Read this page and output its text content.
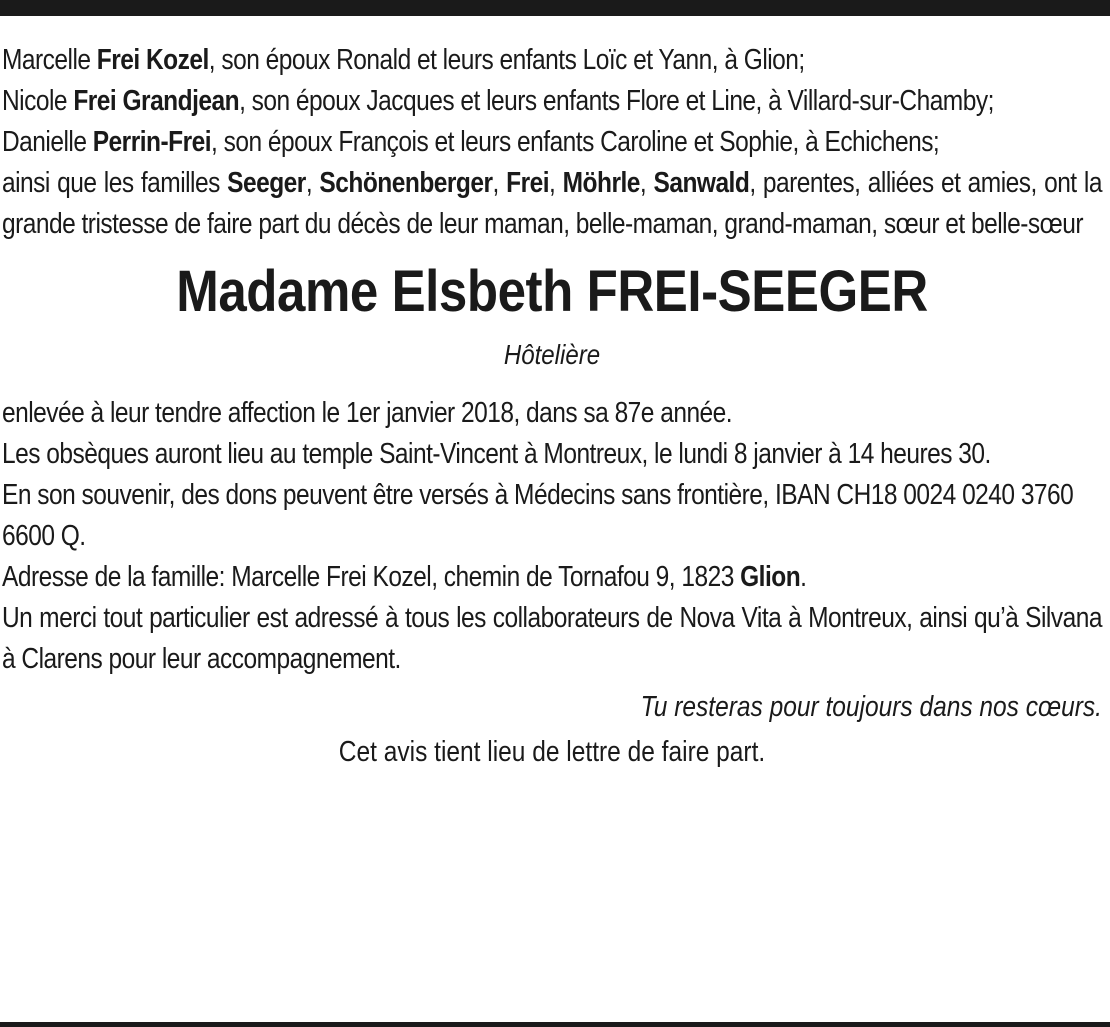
Marcelle Frei Kozel, son époux Ronald et leurs enfants Loïc et Yann, à Glion;
Nicole Frei Grandjean, son époux Jacques et leurs enfants Flore et Line, à Villard-sur-Chamby;
Danielle Perrin-Frei, son époux François et leurs enfants Caroline et Sophie, à Echichens;
ainsi que les familles Seeger, Schönenberger, Frei, Möhrle, Sanwald, parentes, alliées et amies, ont la grande tristesse de faire part du décès de leur maman, belle-maman, grand-maman, sœur et belle-sœur
Madame Elsbeth FREI-SEEGER
Hôtelière
enlevée à leur tendre affection le 1er janvier 2018, dans sa 87e année.
Les obsèques auront lieu au temple Saint-Vincent à Montreux, le lundi 8 janvier à 14 heures 30.
En son souvenir, des dons peuvent être versés à Médecins sans frontière, IBAN CH18 0024 0240 3760 6600 Q.
Adresse de la famille: Marcelle Frei Kozel, chemin de Tornafou 9, 1823 Glion.
Un merci tout particulier est adressé à tous les collaborateurs de Nova Vita à Montreux, ainsi qu’à Silvana à Clarens pour leur accompagnement.
Tu resteras pour toujours dans nos cœurs.
Cet avis tient lieu de lettre de faire part.
